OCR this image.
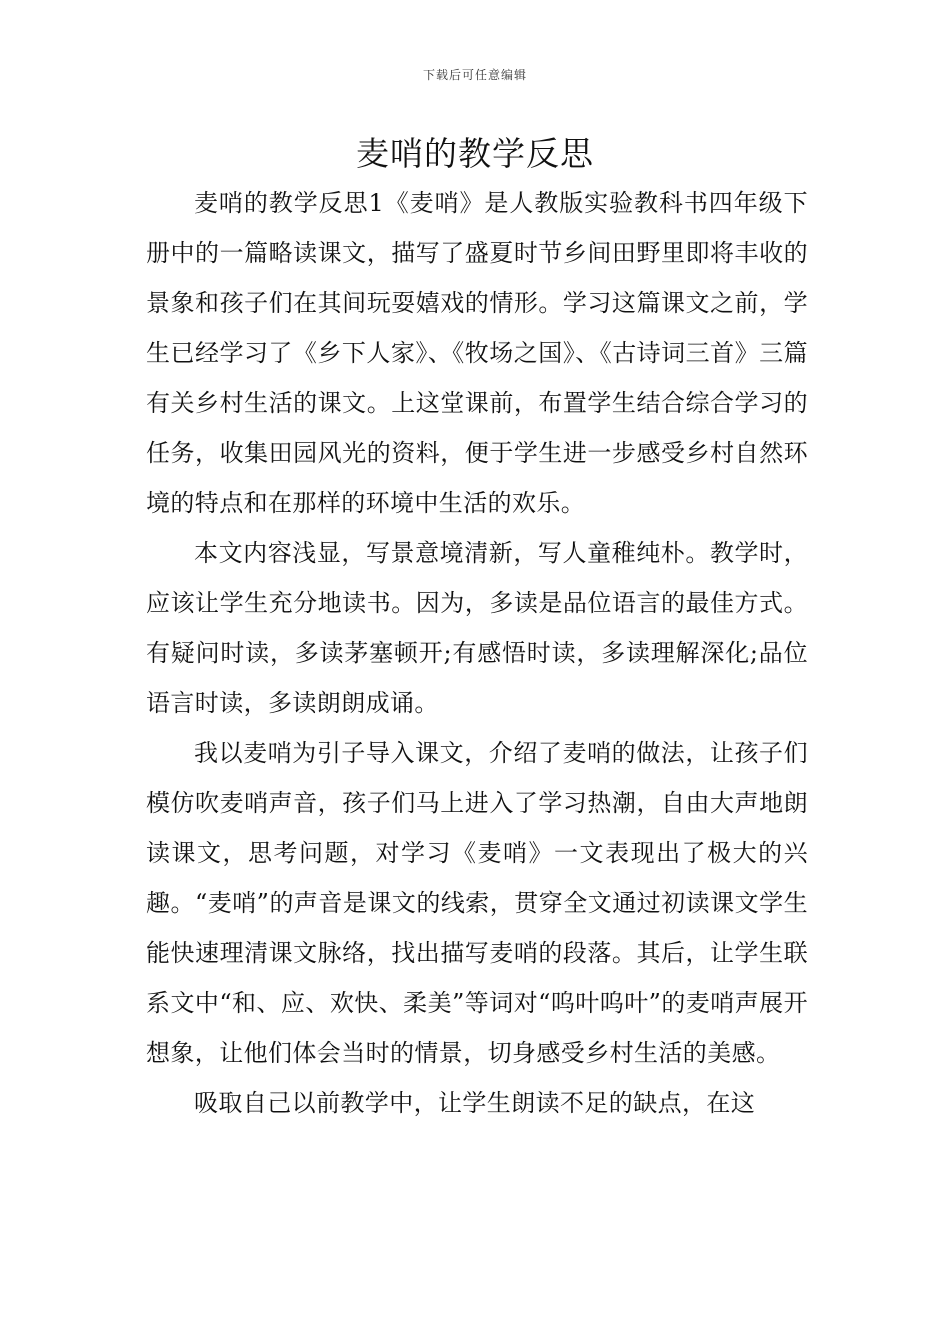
下载后可任意编辑
麦哨的教学反思

麦哨的教学反思1《麦哨》是人教版实验教科书四年级下册中的一篇略读课文，描写了盛夏时节乡间田野里即将丰收的景象和孩子们在其间玩耍嬉戏的情形。学习这篇课文之前，学生已经学习了《乡下人家》、《牧场之国》、《古诗词三首》三篇有关乡村生活的课文。上这堂课前，布置学生结合综合学习的任务，收集田园风光的资料，便于学生进一步感受乡村自然环境的特点和在那样的环境中生活的欢乐。

本文内容浅显，写景意境清新，写人童稚纯朴。教学时，应该让学生充分地读书。因为，多读是品位语言的最佳方式。有疑问时读，多读茅塞顿开;有感悟时读，多读理解深化;品位语言时读，多读朗朗成诵。

我以麦哨为引子导入课文，介绍了麦哨的做法，让孩子们模仿吹麦哨声音，孩子们马上进入了学习热潮，自由大声地朗读课文，思考问题，对学习《麦哨》一文表现出了极大的兴趣。“麦哨”的声音是课文的线索，贯穿全文通过初读课文学生能快速理清课文脉络，找出描写麦哨的段落。其后，让学生联系文中“和、应、欢快、柔美”等词对“呜叶呜叶”的麦哨声展开想象，让他们体会当时的情景，切身感受乡村生活的美感。

吸取自己以前教学中，让学生朗读不足的缺点，在这
